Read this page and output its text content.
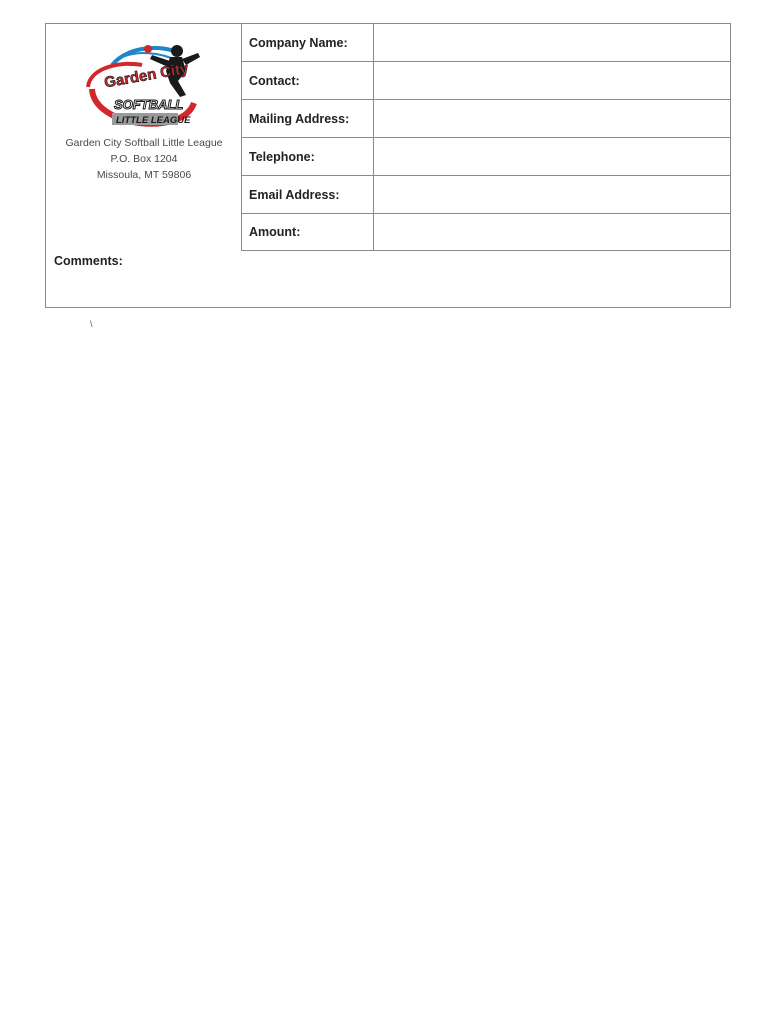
Garden City
SOFTBALL
LITTLE LEAGUE
Garden City Softball Little League
P.O. Box 1204
Missoula, MT 59806
Company Name:
Contact:
Mailing Address:
Telephone:
Email Address:
Amount:
Comments:
\
